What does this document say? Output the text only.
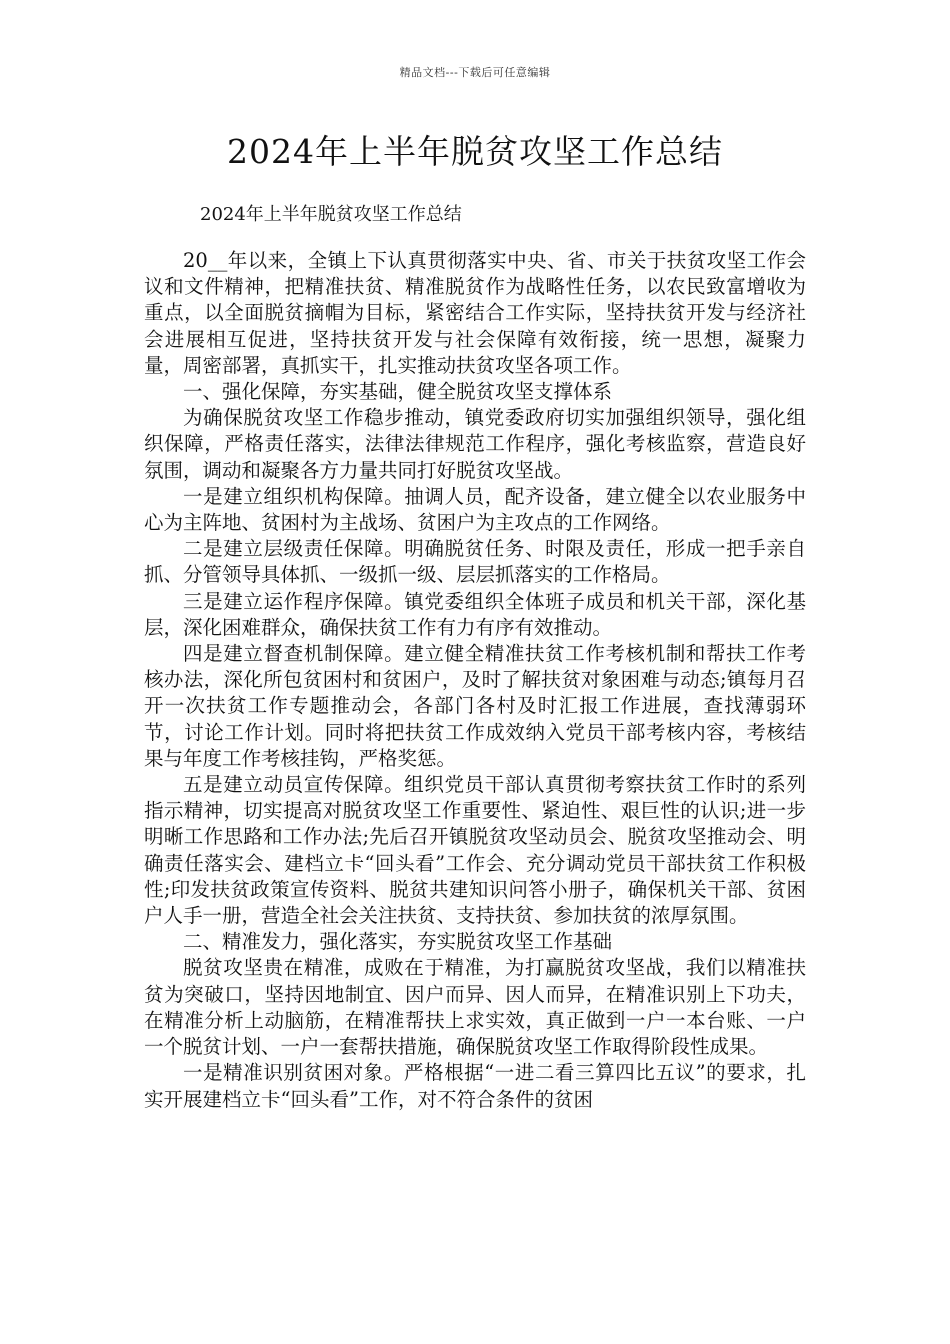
精品文档---下载后可任意编辑
2024年上半年脱贫攻坚工作总结
2024年上半年脱贫攻坚工作总结

20__年以来，全镇上下认真贯彻落实中央、省、市关于扶贫攻坚工作会议和文件精神，把精准扶贫、精准脱贫作为战略性任务，以农民致富增收为重点，以全面脱贫摘帽为目标，紧密结合工作实际，坚持扶贫开发与经济社会进展相互促进，坚持扶贫开发与社会保障有效衔接，统一思想，凝聚力量，周密部署，真抓实干，扎实推动扶贫攻坚各项工作。

一、强化保障，夯实基础，健全脱贫攻坚支撑体系

为确保脱贫攻坚工作稳步推动，镇党委政府切实加强组织领导，强化组织保障，严格责任落实，法律法律规范工作程序，强化考核监察，营造良好氛围，调动和凝聚各方力量共同打好脱贫攻坚战。

一是建立组织机构保障。抽调人员，配齐设备，建立健全以农业服务中心为主阵地、贫困村为主战场、贫困户为主攻点的工作网络。

二是建立层级责任保障。明确脱贫任务、时限及责任，形成一把手亲自抓、分管领导具体抓、一级抓一级、层层抓落实的工作格局。

三是建立运作程序保障。镇党委组织全体班子成员和机关干部，深化基层，深化困难群众，确保扶贫工作有力有序有效推动。

四是建立督查机制保障。建立健全精准扶贫工作考核机制和帮扶工作考核办法，深化所包贫困村和贫困户，及时了解扶贫对象困难与动态;镇每月召开一次扶贫工作专题推动会，各部门各村及时汇报工作进展，查找薄弱环节，讨论工作计划。同时将把扶贫工作成效纳入党员干部考核内容，考核结果与年度工作考核挂钩，严格奖惩。

五是建立动员宣传保障。组织党员干部认真贯彻考察扶贫工作时的系列指示精神，切实提高对脱贫攻坚工作重要性、紧迫性、艰巨性的认识;进一步明晰工作思路和工作办法;先后召开镇脱贫攻坚动员会、脱贫攻坚推动会、明确责任落实会、建档立卡“回头看”工作会、充分调动党员干部扶贫工作积极性;印发扶贫政策宣传资料、脱贫共建知识问答小册子，确保机关干部、贫困户人手一册，营造全社会关注扶贫、支持扶贫、参加扶贫的浓厚氛围。

二、精准发力，强化落实，夯实脱贫攻坚工作基础

脱贫攻坚贵在精准，成败在于精准，为打赢脱贫攻坚战，我们以精准扶贫为突破口，坚持因地制宜、因户而异、因人而异，在精准识别上下功夫，在精准分析上动脑筋，在精准帮扶上求实效，真正做到一户一本台账、一户一个脱贫计划、一户一套帮扶措施，确保脱贫攻坚工作取得阶段性成果。

一是精准识别贫困对象。严格根据“一进二看三算四比五议”的要求，扎实开展建档立卡“回头看”工作，对不符合条件的贫困
